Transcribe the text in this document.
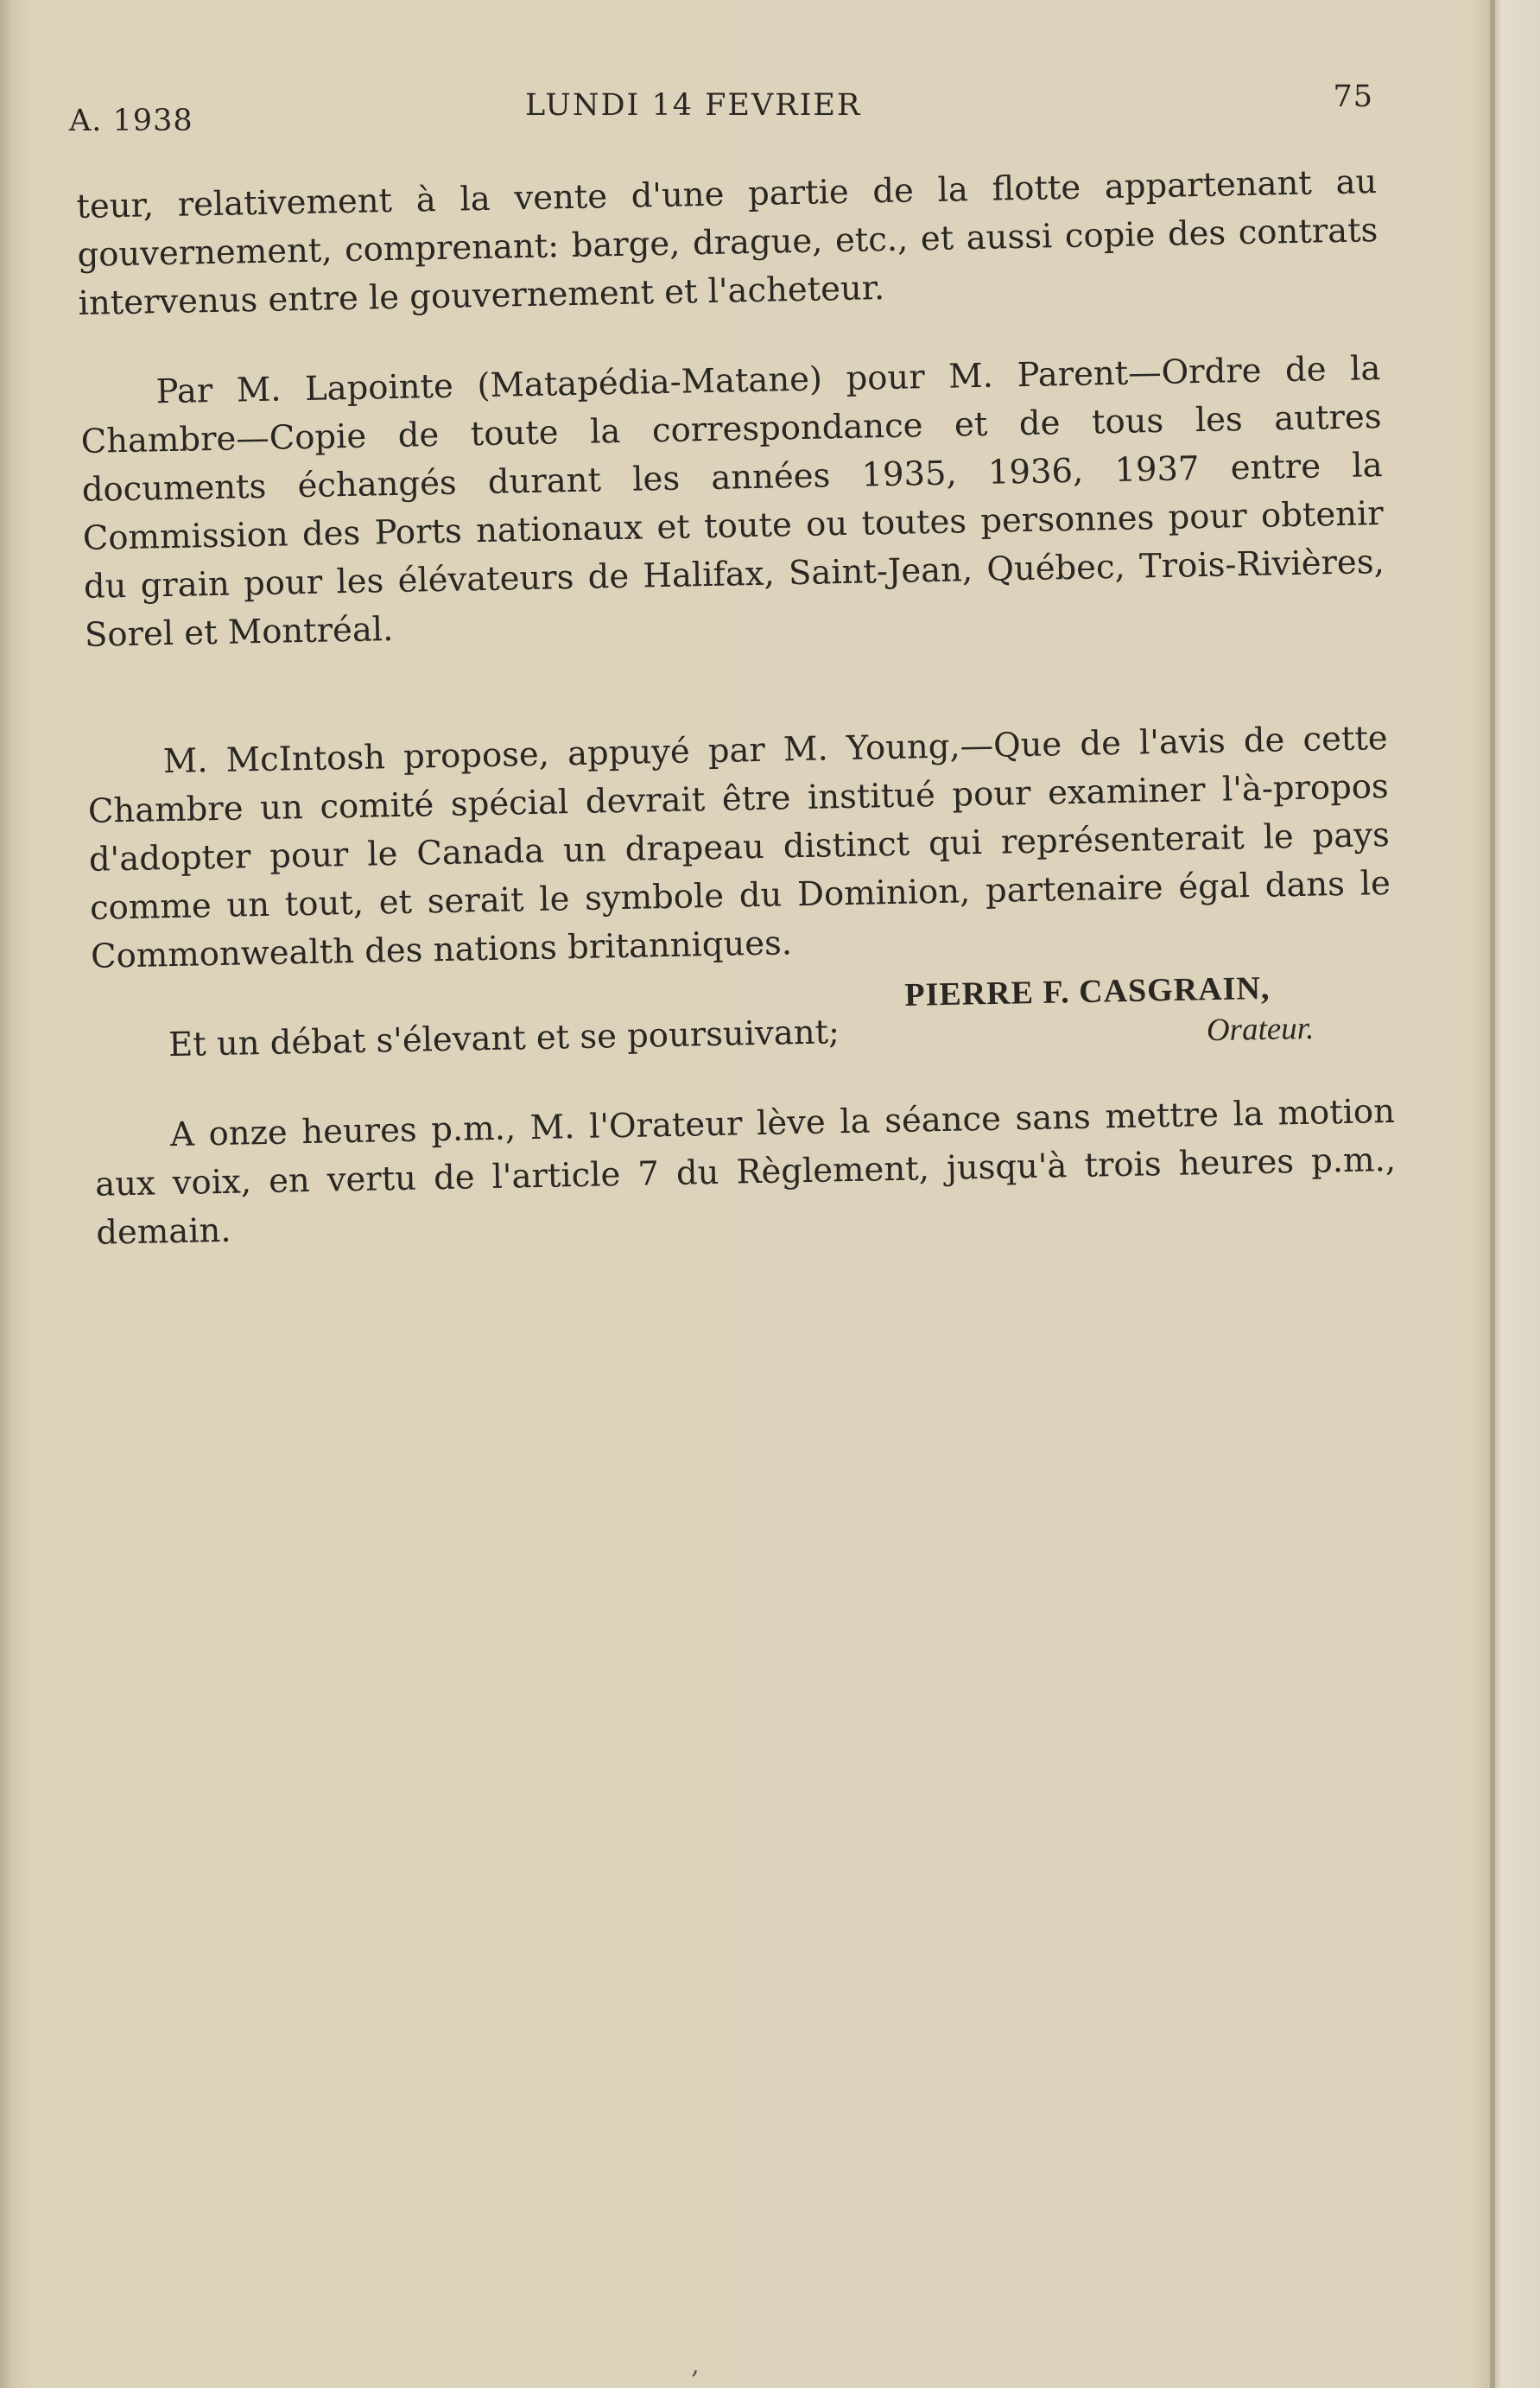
A. 1938	LUNDI 14 FEVRIER	75

teur, relativement à la vente d'une partie de la flotte appartenant au gouvernement, comprenant: barge, drague, etc., et aussi copie des contrats intervenus entre le gouvernement et l'acheteur.

Par M. Lapointe (Matapédia-Matane) pour M. Parent—Ordre de la Chambre—Copie de toute la correspondance et de tous les autres documents échangés durant les années 1935, 1936, 1937 entre la Commission des Ports nationaux et toute ou toutes personnes pour obtenir du grain pour les élévateurs de Halifax, Saint-Jean, Québec, Trois-Rivières, Sorel et Montréal.

M. McIntosh propose, appuyé par M. Young,—Que de l'avis de cette Chambre un comité spécial devrait être institué pour examiner l'à-propos d'adopter pour le Canada un drapeau distinct qui représenterait le pays comme un tout, et serait le symbole du Dominion, partenaire égal dans le Commonwealth des nations britanniques.

Et un débat s'élevant et se poursuivant;

A onze heures p.m., M. l'Orateur lève la séance sans mettre la motion aux voix, en vertu de l'article 7 du Règlement, jusqu'à trois heures p.m., demain.

PIERRE F. CASGRAIN,
Orateur.
‚
